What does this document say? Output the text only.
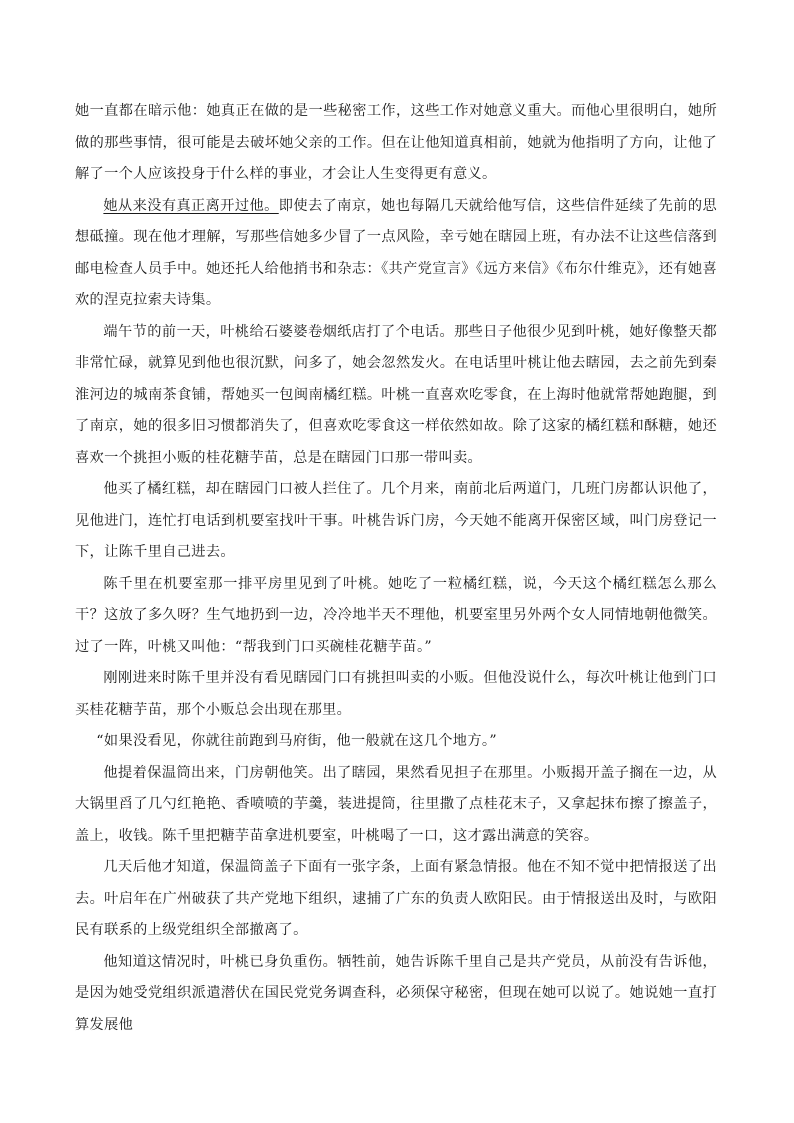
她一直都在暗示他：她真正在做的是一些秘密工作，这些工作对她意义重大。而他心里很明白，她所做的那些事情，很可能是去破坏她父亲的工作。但在让他知道真相前，她就为他指明了方向，让他了解了一个人应该投身于什么样的事业，才会让人生变得更有意义。

她从来没有真正离开过他。即使去了南京，她也每隔几天就给他写信，这些信件延续了先前的思想砥撞。现在他才理解，写那些信她多少冒了一点风险，幸亏她在瞎园上班，有办法不让这些信落到邮电检查人员手中。她还托人给他捎书和杂志：《共产党宣言》《远方来信》《布尔什维克》，还有她喜欢的涅克拉索夫诗集。

端午节的前一天，叶桃给石婆婆卷烟纸店打了个电话。那些日子他很少见到叶桃，她好像整天都非常忙碌，就算见到他也很沉默，问多了，她会忽然发火。在电话里叶桃让他去瞎园，去之前先到秦淮河边的城南茶食铺，帮她买一包闽南橘红糕。叶桃一直喜欢吃零食，在上海时他就常帮她跑腿，到了南京，她的很多旧习惯都消失了，但喜欢吃零食这一样依然如故。除了这家的橘红糕和酥糖，她还喜欢一个挑担小贩的桂花糖芋苗，总是在瞎园门口那一带叫卖。

他买了橘红糕，却在瞎园门口被人拦住了。几个月来，南前北后两道门，几班门房都认识他了，见他进门，连忙打电话到机要室找叶干事。叶桃告诉门房，今天她不能离开保密区域，叫门房登记一下，让陈千里自己进去。

陈千里在机要室那一排平房里见到了叶桃。她吃了一粒橘红糕，说，今天这个橘红糕怎么那么干？这放了多久呀？生气地扔到一边，冷冷地半天不理他，机要室里另外两个女人同情地朝他微笑。过了一阵，叶桃又叫他：“帮我到门口买碗桂花糖芋苗。”

刚刚进来时陈千里并没有看见瞎园门口有挑担叫卖的小贩。但他没说什么，每次叶桃让他到门口买桂花糖芋苗，那个小贩总会出现在那里。

“如果没看见，你就往前跑到马府街，他一般就在这几个地方。”

他提着保温筒出来，门房朝他笑。出了瞎园，果然看见担子在那里。小贩揭开盖子搁在一边，从大锅里舀了几勺红艳艳、香喷喷的芋羹，装进提筒，往里撒了点桂花末子，又拿起抹布擦了擦盖子，盖上，收钱。陈千里把糖芋苗拿进机要室，叶桃喝了一口，这才露出满意的笑容。

几天后他才知道，保温筒盖子下面有一张字条，上面有紧急情报。他在不知不觉中把情报送了出去。叶启年在广州破获了共产党地下组织，逮捕了广东的负责人欧阳民。由于情报送出及时，与欧阳民有联系的上级党组织全部撤离了。

他知道这情况时，叶桃已身负重伤。牺牲前，她告诉陈千里自己是共产党员，从前没有告诉他，是因为她受党组织派遣潜伏在国民党党务调查科，必须保守秘密，但现在她可以说了。她说她一直打算发展他
